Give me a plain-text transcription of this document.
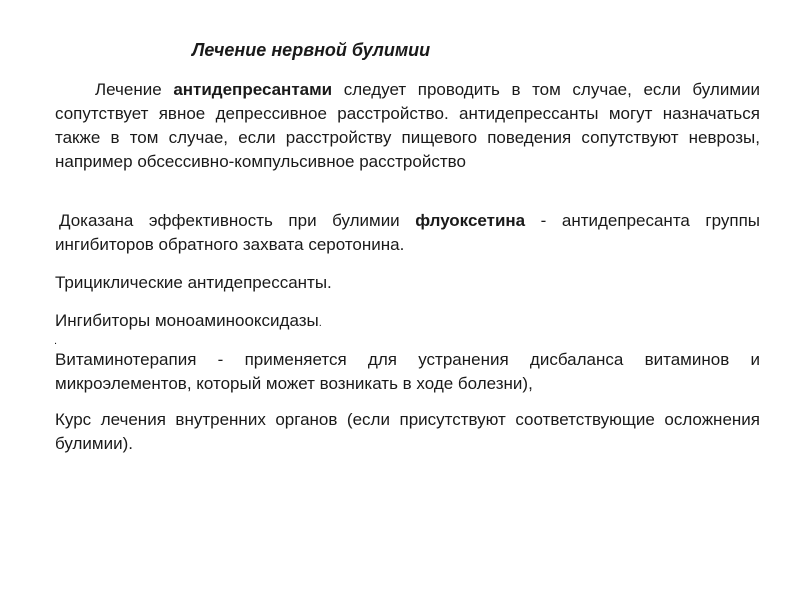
Лечение нервной булимии

Лечение антидепресантами следует проводить в том случае, если булимии сопутствует явное депрессивное расстройство. антидепрессанты могут назначаться также в том случае, если расстройству пищевого поведения сопутствуют неврозы, например обсессивно-компульсивное расстройство

Доказана эффективность при булимии флуоксетина - антидепресанта группы ингибиторов обратного захвата серотонина.

Трициклические антидепрессанты.

Ингибиторы моноаминооксидазы.

.

Витаминотерапия - применяется для устранения дисбаланса витаминов и микроэлементов, который может возникать в ходе болезни),

Курс лечения внутренних органов (если присутствуют соответствующие осложнения булимии).
